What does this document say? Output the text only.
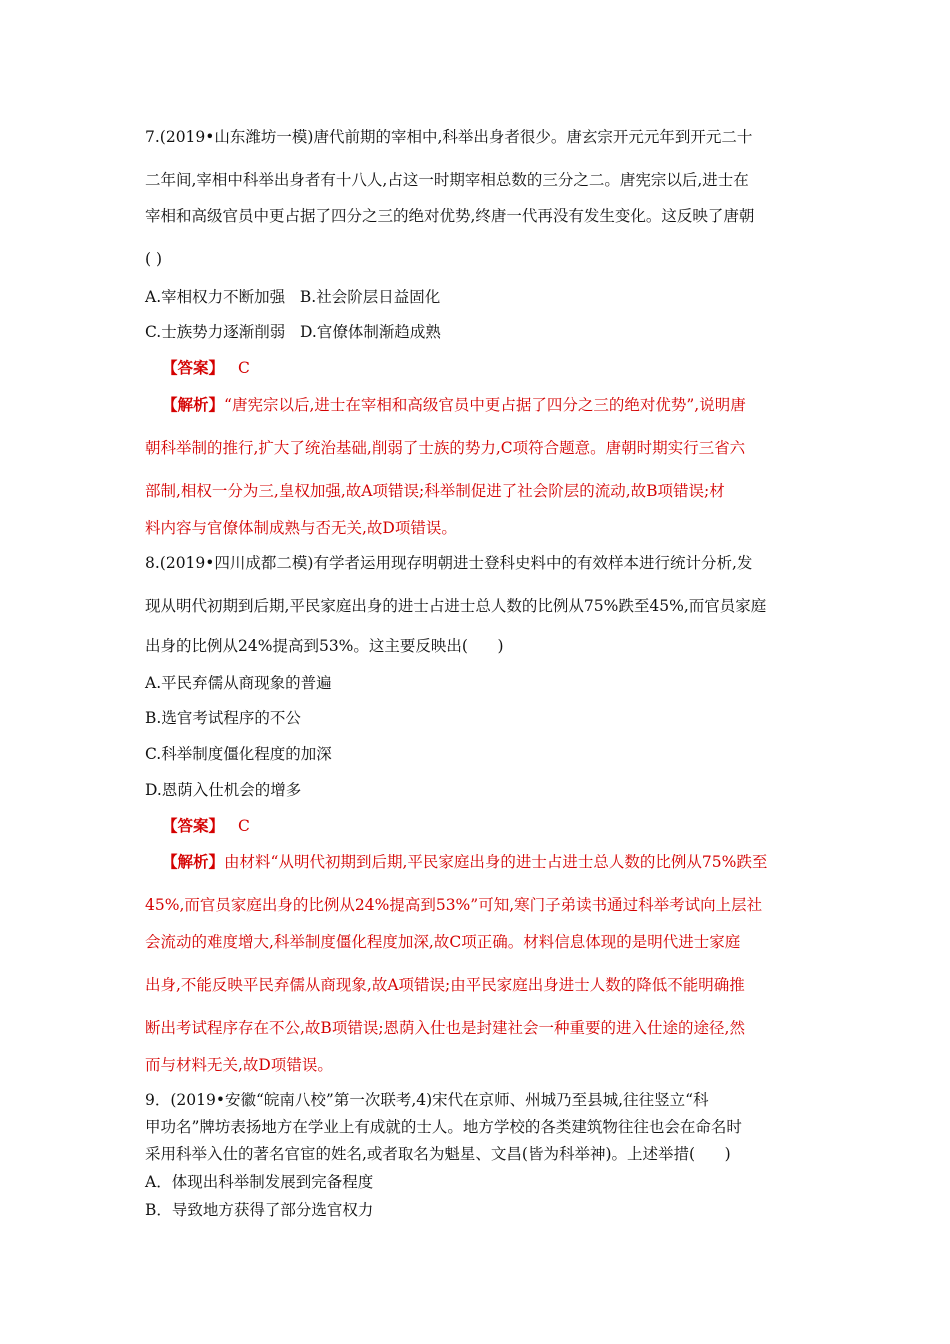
7.(2019•山东潍坊一模)唐代前期的宰相中,科举出身者很少。唐玄宗开元元年到开元二十
二年间,宰相中科举出身者有十八人,占这一时期宰相总数的三分之二。唐宪宗以后,进士在
宰相和高级官员中更占据了四分之三的绝对优势,终唐一代再没有发生变化。这反映了唐朝
( )
A.宰相权力不断加强   B.社会阶层日益固化
C.士族势力逐渐削弱   D.官僚体制渐趋成熟
【答案】 C
【解析】“唐宪宗以后,进士在宰相和高级官员中更占据了四分之三的绝对优势”,说明唐
朝科举制的推行,扩大了统治基础,削弱了士族的势力,C项符合题意。唐朝时期实行三省六
部制,相权一分为三,皇权加强,故A项错误;科举制促进了社会阶层的流动,故B项错误;材
料内容与官僚体制成熟与否无关,故D项错误。
8.(2019•四川成都二模)有学者运用现存明朝进士登科史料中的有效样本进行统计分析,发
现从明代初期到后期,平民家庭出身的进士占进士总人数的比例从75%跌至45%,而官员家庭
出身的比例从24%提高到53%。这主要反映出(      )
A.平民弃儒从商现象的普遍
B.选官考试程序的不公
C.科举制度僵化程度的加深
D.恩荫入仕机会的增多
【答案】 C
【解析】由材料“从明代初期到后期,平民家庭出身的进士占进士总人数的比例从75%跌至
45%,而官员家庭出身的比例从24%提高到53%”可知,寒门子弟读书通过科举考试向上层社
会流动的难度增大,科举制度僵化程度加深,故C项正确。材料信息体现的是明代进士家庭
出身,不能反映平民弃儒从商现象,故A项错误;由平民家庭出身进士人数的降低不能明确推
断出考试程序存在不公,故B项错误;恩荫入仕也是封建社会一种重要的进入仕途的途径,然
而与材料无关,故D项错误。
9．(2019•安徽“皖南八校”第一次联考,4)宋代在京师、州城乃至县城,往往竖立“科
甲功名”牌坊表扬地方在学业上有成就的士人。地方学校的各类建筑物往往也会在命名时
采用科举入仕的著名官宦的姓名,或者取名为魁星、文昌(皆为科举神)。上述举措(      )
A．体现出科举制发展到完备程度
B．导致地方获得了部分选官权力
